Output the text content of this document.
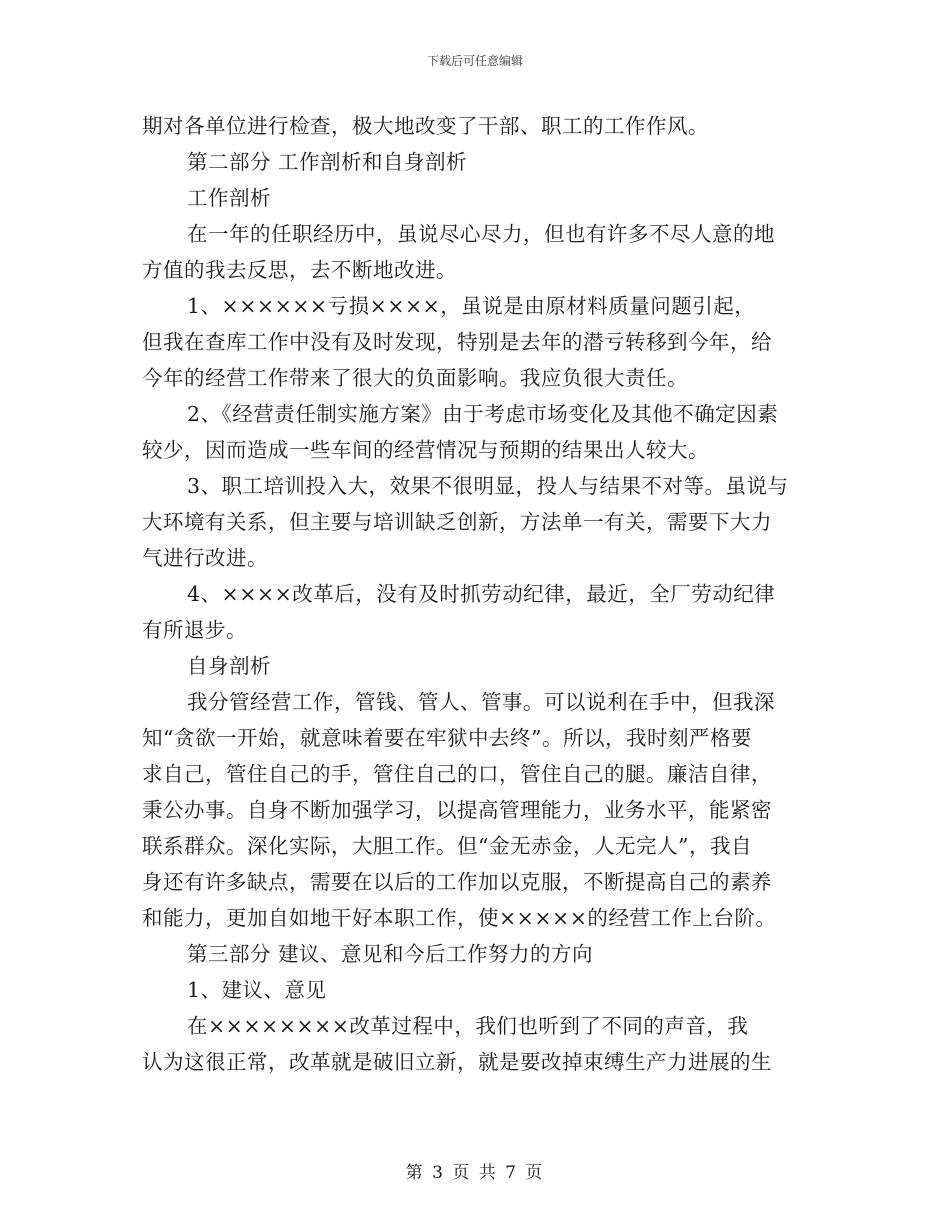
下载后可任意编辑
期对各单位进行检查，极大地改变了干部、职工的工作作风。
第二部分 工作剖析和自身剖析
工作剖析
在一年的任职经历中，虽说尽心尽力，但也有许多不尽人意的地
方值的我去反思，去不断地改进。
1、××××××亏损××××，虽说是由原材料质量问题引起，
但我在查库工作中没有及时发现，特别是去年的潜亏转移到今年，给
今年的经营工作带来了很大的负面影响。我应负很大责任。
2、《经营责任制实施方案》由于考虑市场变化及其他不确定因素
较少，因而造成一些车间的经营情况与预期的结果出人较大。
3、职工培训投入大，效果不很明显，投人与结果不对等。虽说与
大环境有关系，但主要与培训缺乏创新，方法单一有关，需要下大力
气进行改进。
4、××××改革后，没有及时抓劳动纪律，最近，全厂劳动纪律
有所退步。
自身剖析
我分管经营工作，管钱、管人、管事。可以说利在手中，但我深
知“贪欲一开始，就意味着要在牢狱中去终”。所以，我时刻严格要
求自己，管住自己的手，管住自己的口，管住自己的腿。廉洁自律，
秉公办事。自身不断加强学习，以提高管理能力，业务水平，能紧密
联系群众。深化实际，大胆工作。但“金无赤金，人无完人”，我自
身还有许多缺点，需要在以后的工作加以克服，不断提高自己的素养
和能力，更加自如地干好本职工作，使×××××的经营工作上台阶。
第三部分 建议、意见和今后工作努力的方向
1、建议、意见
在××××××××改革过程中，我们也听到了不同的声音，我
认为这很正常，改革就是破旧立新，就是要改掉束缚生产力进展的生
第 3 页 共 7 页
